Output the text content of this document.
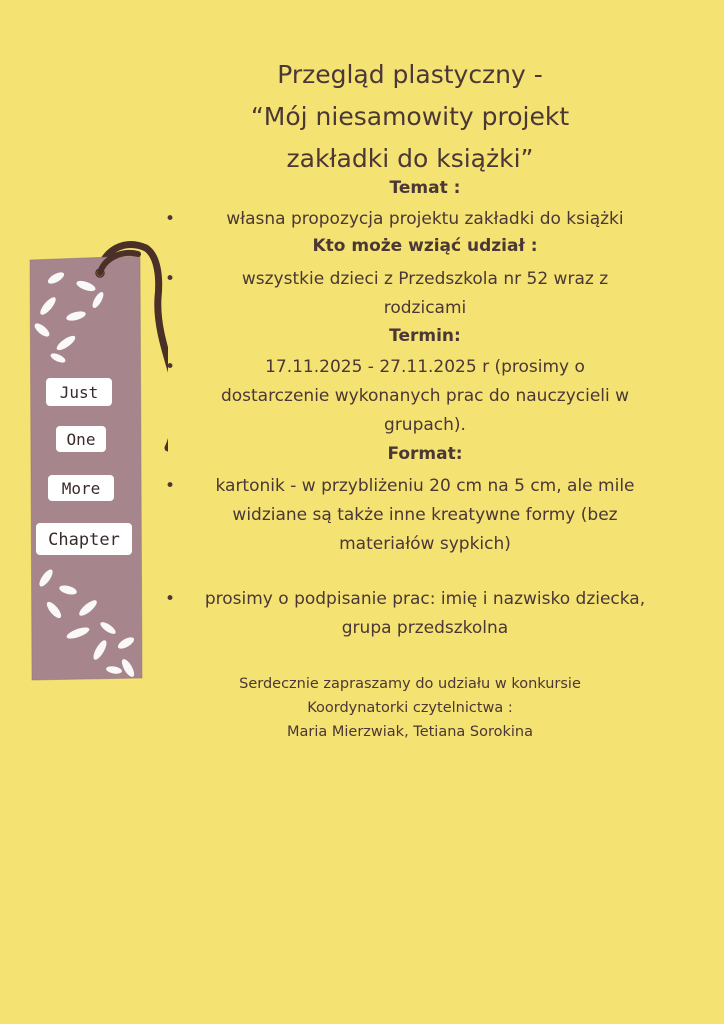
Przegląd plastyczny -
“Mój niesamowity projekt
zakładki do książki”
Temat :
•	własna propozycja projektu zakładki do książki
Kto może wziąć udział :
•	wszystkie dzieci z Przedszkola nr 52 wraz z
rodzicami
Termin:
•	17.11.2025 - 27.11.2025 r (prosimy o
dostarczenie wykonanych prac do nauczycieli w
grupach).
Format:
•	kartonik - w przybliżeniu 20 cm na 5 cm, ale mile
widziane są także inne kreatywne formy (bez
materiałów sypkich)
•	prosimy o podpisanie prac: imię i nazwisko dziecka,
grupa przedszkolna
Serdecznie zapraszamy do udziału w konkursie
Koordynatorki czytelnictwa :
Maria Mierzwiak, Tetiana Sorokina
Just
One
More
Chapter
